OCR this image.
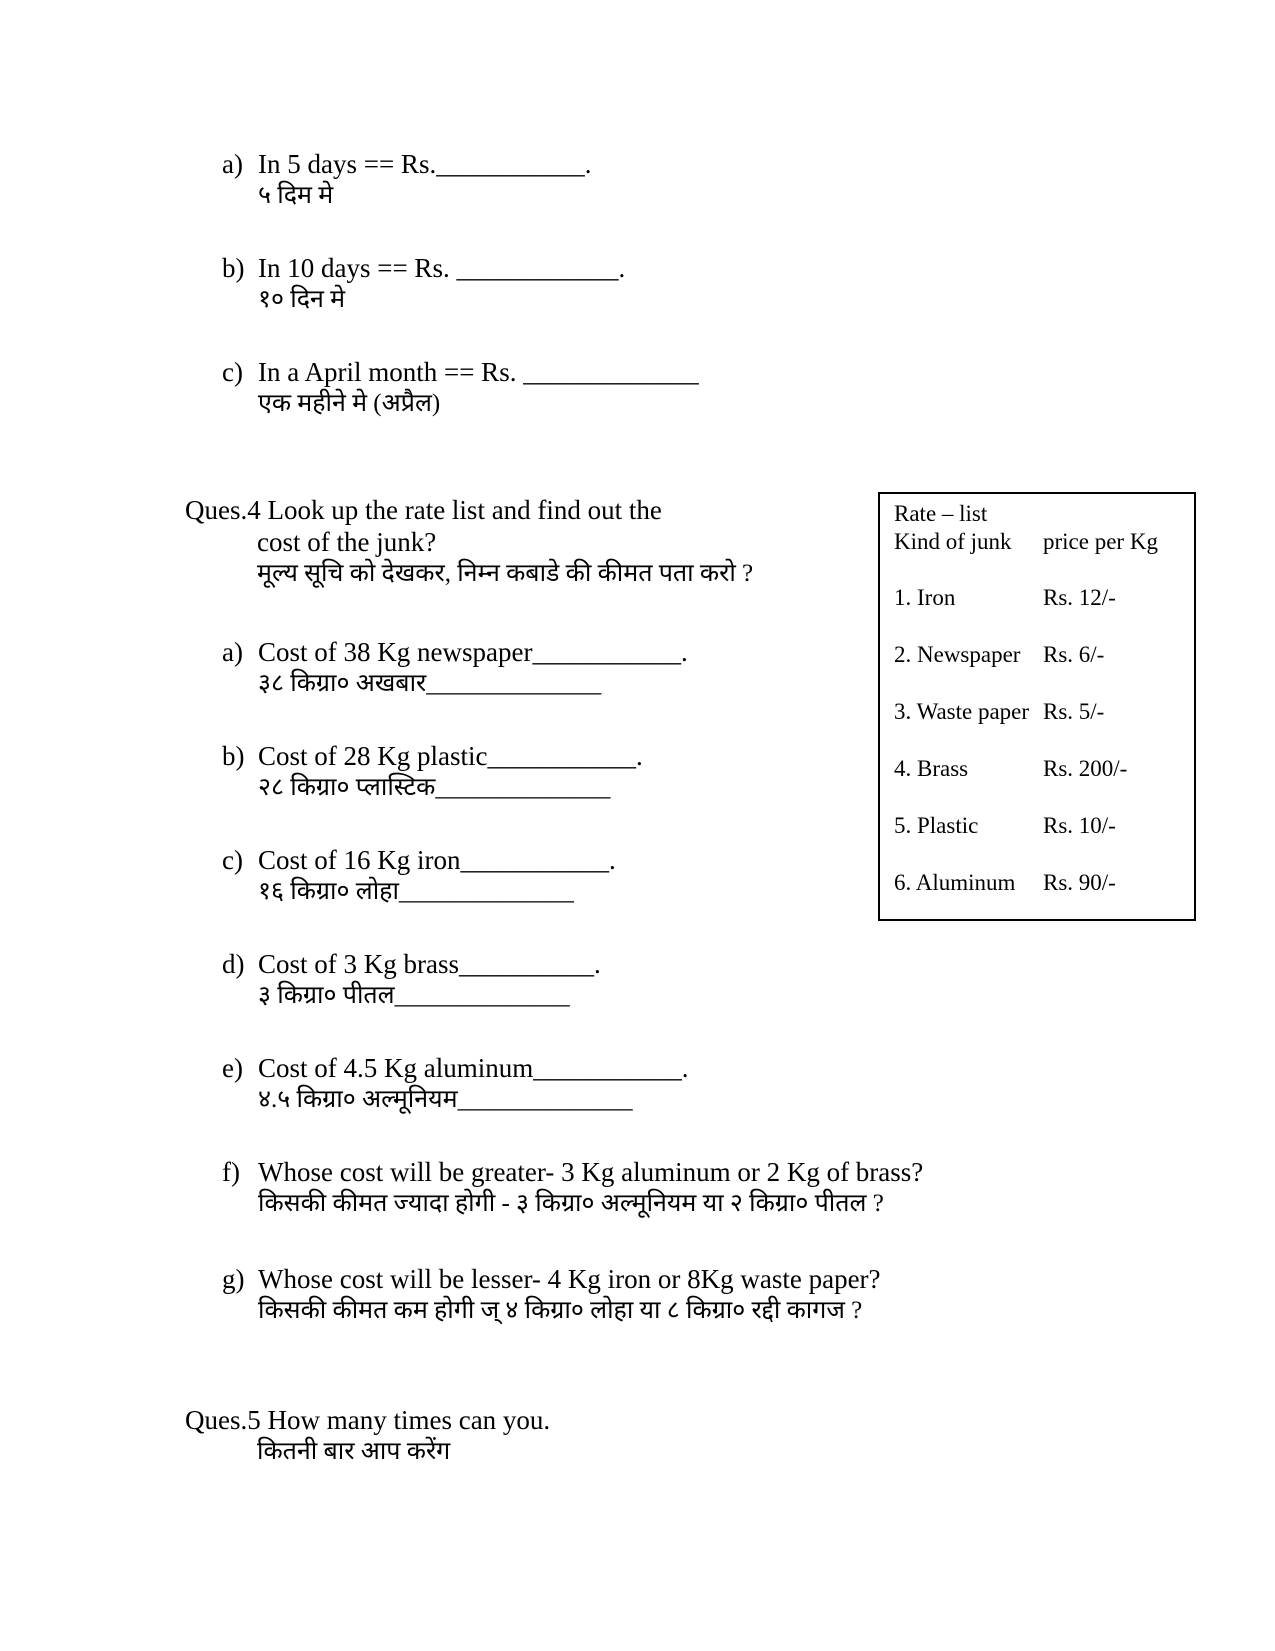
a) In 5 days == Rs.___________.
५ दिम मे
b) In 10 days == Rs. ____________.
१० दिन मे
c) In a April month == Rs. _____________
एक महीने मे (अप्रैल)
Ques.4 Look up the rate list and find out the
cost of the junk?
मूल्य सूचि को देखकर, निम्न कबाडे की कीमत पता करो ?
a) Cost of 38 Kg newspaper___________.
३८ किग्रा० अखबार______________
b) Cost of 28 Kg plastic___________.
२८ किग्रा० प्लास्टिक______________
c) Cost of 16 Kg iron___________.
१६ किग्रा० लोहा______________
d) Cost of 3 Kg brass__________.
३ किग्रा० पीतल______________
e) Cost of 4.5 Kg aluminum___________.
४.५ किग्रा० अल्मूनियम______________
f) Whose cost will be greater- 3 Kg aluminum or 2 Kg of brass?
किसकी कीमत ज्यादा होगी - ३ किग्रा० अल्मूनियम या २ किग्रा० पीतल ?
g) Whose cost will be lesser- 4 Kg iron or 8Kg waste paper?
किसकी कीमत कम होगी ज् ४ किग्रा० लोहा या ८ किग्रा० रद्दी कागज ?
Rate – list
Kind of junk price per Kg
1. Iron	Rs. 12/-
2. Newspaper Rs. 6/-
3. Waste paper Rs. 5/-
4. Brass	Rs. 200/-
5. Plastic	Rs. 10/-
6. Aluminum Rs. 90/-
Ques.5 How many times can you.
कितनी बार आप करेंग
